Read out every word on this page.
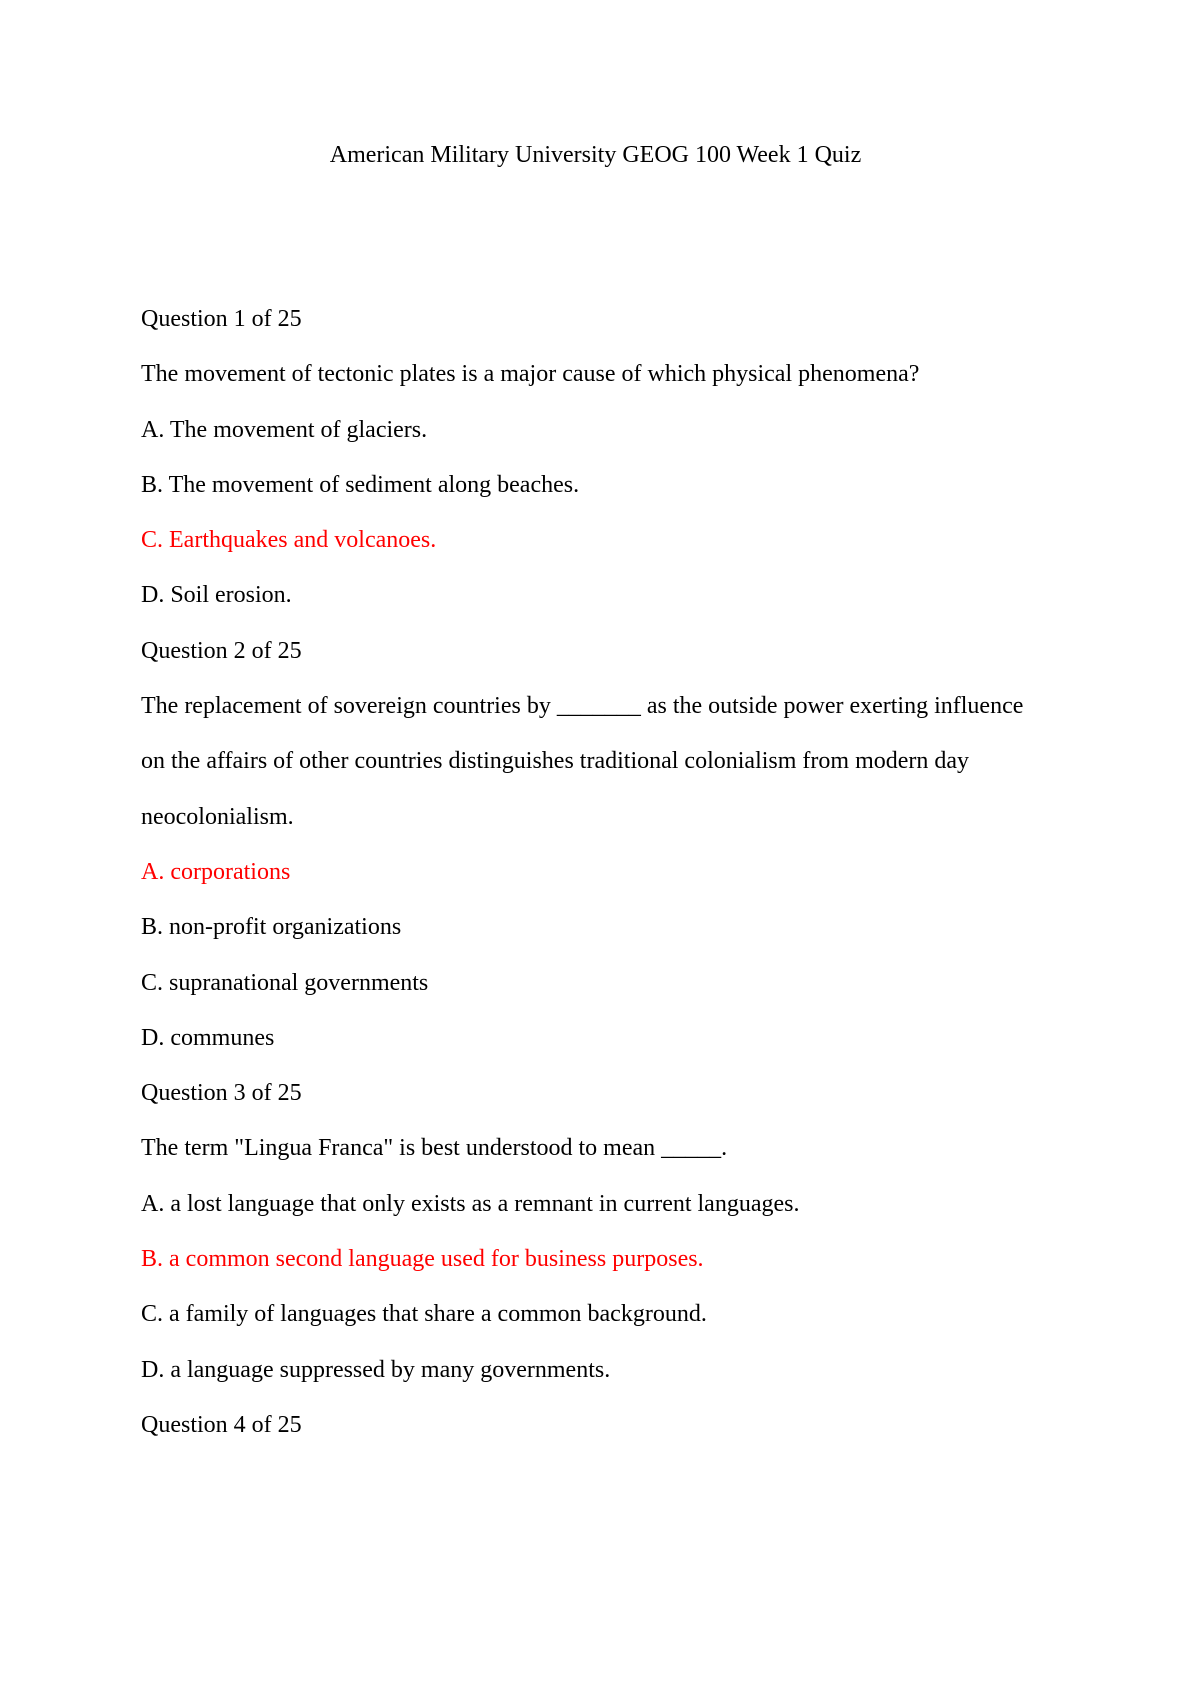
American Military University GEOG 100 Week 1 Quiz

Question 1 of 25

The movement of tectonic plates is a major cause of which physical phenomena?

A. The movement of glaciers.

B. The movement of sediment along beaches.

C. Earthquakes and volcanoes.

D. Soil erosion.

Question 2 of 25

The replacement of sovereign countries by _______ as the outside power exerting influence on the affairs of other countries distinguishes traditional colonialism from modern day neocolonialism.

A. corporations

B. non-profit organizations

C. supranational governments

D. communes

Question 3 of 25

The term "Lingua Franca" is best understood to mean _____.

A. a lost language that only exists as a remnant in current languages.

B. a common second language used for business purposes.

C. a family of languages that share a common background.

D. a language suppressed by many governments.

Question 4 of 25
